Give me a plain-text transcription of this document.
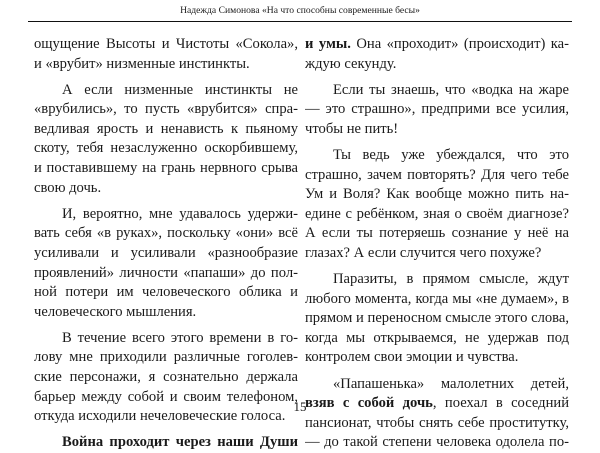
Надежда Симонова «На что способны современные бесы»
ощущение Высоты и Чистоты «Сокола»,
и «врубит» низменные инстинкты.
А если низменные инстинкты не
«врубились», то пусть «врубится» спра-
ведливая ярость и ненависть к пьяному
скоту, тебя незаслуженно оскорбившему,
и поставившему на грань нервного срыва
свою дочь.
И, вероятно, мне удавалось удержи-
вать себя «в руках», поскольку «они» всё
усиливали и усиливали «разнообразие
проявлений» личности «папаши» до пол-
ной потери им человеческого облика и
человеческого мышления.
В течение всего этого времени в го-
лову мне приходили различные гоголев-
ские персонажи, я сознательно держала
барьер между собой и своим телефоном,
откуда исходили нечеловеческие голоса.
Война проходит через наши Души
и умы. Она «проходит» (происходит) ка-
ждую секунду.
Если ты знаешь, что «водка на жаре
— это страшно», предприми все усилия,
чтобы не пить!
Ты ведь уже убеждался, что это
страшно, зачем повторять? Для чего тебе
Ум и Воля? Как вообще можно пить на-
едине с ребёнком, зная о своём диагнозе?
А если ты потеряешь сознание у неё на
глазах? А если случится чего похуже?
Паразиты, в прямом смысле, ждут
любого момента, когда мы «не думаем», в
прямом и переносном смысле этого слова,
когда мы открываемся, не удержав под
контролем свои эмоции и чувства.
«Папашенька» малолетних детей,
взяв с собой дочь, поехал в соседний
пансионат, чтобы снять себе проститутку,
— до такой степени человека одолела по-
15
